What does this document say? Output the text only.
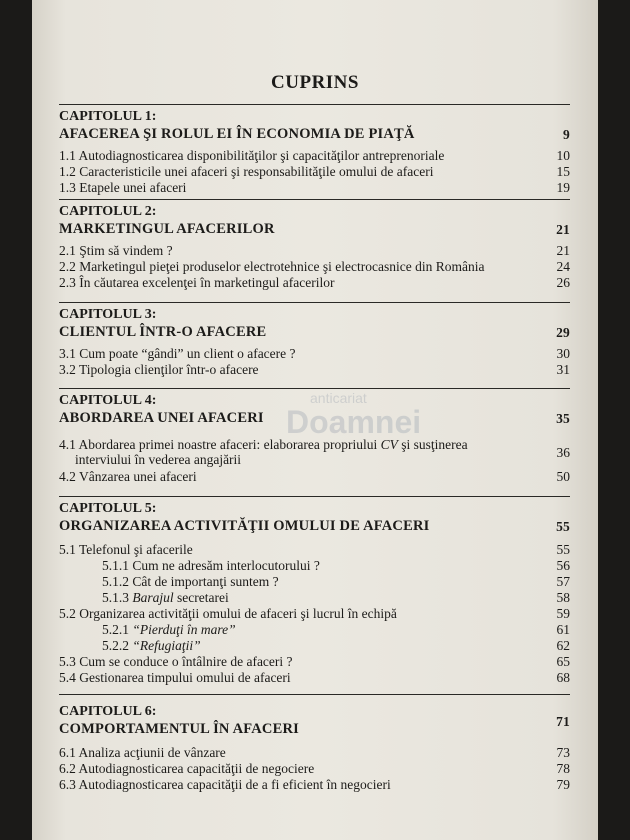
CUPRINS
CAPITOLUL 1:
AFACEREA ŞI ROLUL EI ÎN ECONOMIA DE PIAŢĂ	9
1.1 Autodiagnosticarea disponibilităţilor şi capacităţilor antreprenoriale	10
1.2 Caracteristicile unei afaceri şi responsabilităţile omului de afaceri	15
1.3 Etapele unei afaceri	19
CAPITOLUL 2:
MARKETINGUL AFACERILOR	21
2.1 Ştim să vindem ?	21
2.2 Marketingul pieţei produselor electrotehnice şi electrocasnice din România	24
2.3 În căutarea excelenţei în marketingul afacerilor	26
CAPITOLUL 3:
CLIENTUL ÎNTR-O AFACERE	29
3.1 Cum poate “gândi” un client o afacere ?	30
3.2 Tipologia clienţilor într-o afacere	31
CAPITOLUL 4:
ABORDAREA UNEI AFACERI	35
4.1 Abordarea primei noastre afaceri: elaborarea propriului CV şi susţinerea
interviului în vederea angajării	36
4.2 Vânzarea unei afaceri	50
CAPITOLUL 5:
ORGANIZAREA ACTIVITĂŢII OMULUI DE AFACERI	55
5.1 Telefonul şi afacerile	55
5.1.1 Cum ne adresăm interlocutorului ?	56
5.1.2 Cât de importanţi suntem ?	57
5.1.3 Barajul secretarei	58
5.2 Organizarea activităţii omului de afaceri şi lucrul în echipă	59
5.2.1 “Pierduţi în mare”	61
5.2.2 “Refugiaţii”	62
5.3 Cum se conduce o întâlnire de afaceri ?	65
5.4 Gestionarea timpului omului de afaceri	68
CAPITOLUL 6:
COMPORTAMENTUL ÎN AFACERI	71
6.1 Analiza acţiunii de vânzare	73
6.2 Autodiagnosticarea capacităţii de negociere	78
6.3 Autodiagnosticarea capacităţii de a fi eficient în negocieri	79
anticariat
Doamnei
